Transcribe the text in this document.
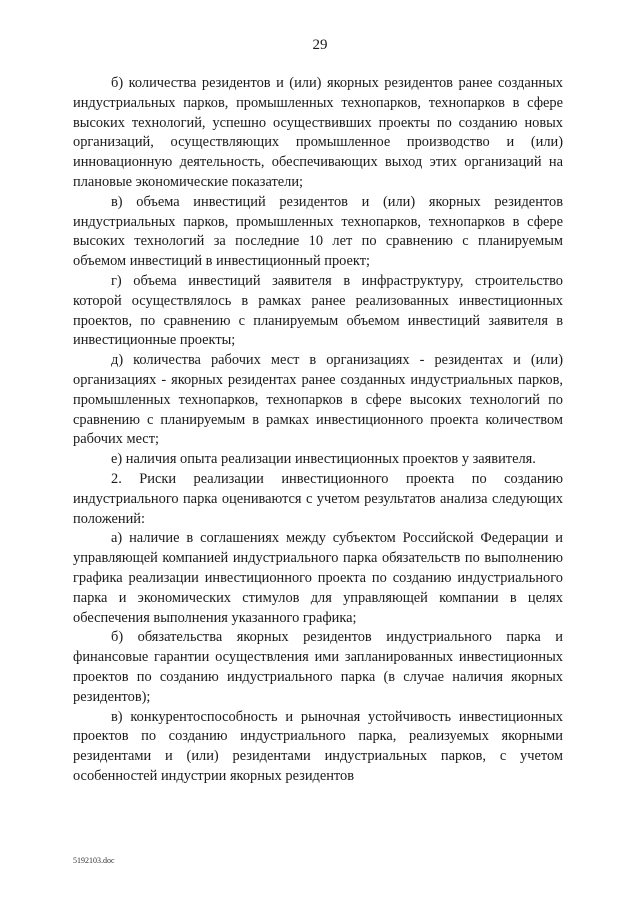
29

б) количества резидентов и (или) якорных резидентов ранее созданных индустриальных парков, промышленных технопарков, технопарков в сфере высоких технологий, успешно осуществивших проекты по созданию новых организаций, осуществляющих промышленное производство и (или) инновационную деятельность, обеспечивающих выход этих организаций на плановые экономические показатели;

в) объема инвестиций резидентов и (или) якорных резидентов индустриальных парков, промышленных технопарков, технопарков в сфере высоких технологий за последние 10 лет по сравнению с планируемым объемом инвестиций в инвестиционный проект;

г) объема инвестиций заявителя в инфраструктуру, строительство которой осуществлялось в рамках ранее реализованных инвестиционных проектов, по сравнению с планируемым объемом инвестиций заявителя в инвестиционные проекты;

д) количества рабочих мест в организациях - резидентах и (или) организациях - якорных резидентах ранее созданных индустриальных парков, промышленных технопарков, технопарков в сфере высоких технологий по сравнению с планируемым в рамках инвестиционного проекта количеством рабочих мест;

е) наличия опыта реализации инвестиционных проектов у заявителя.

2. Риски реализации инвестиционного проекта по созданию индустриального парка оцениваются с учетом результатов анализа следующих положений:

а) наличие в соглашениях между субъектом Российской Федерации и управляющей компанией индустриального парка обязательств по выполнению графика реализации инвестиционного проекта по созданию индустриального парка и экономических стимулов для управляющей компании в целях обеспечения выполнения указанного графика;

б) обязательства якорных резидентов индустриального парка и финансовые гарантии осуществления ими запланированных инвестиционных проектов по созданию индустриального парка (в случае наличия якорных резидентов);

в) конкурентоспособность и рыночная устойчивость инвестиционных проектов по созданию индустриального парка, реализуемых якорными резидентами и (или) резидентами индустриальных парков, с учетом особенностей индустрии якорных резидентов

5192103.doc
